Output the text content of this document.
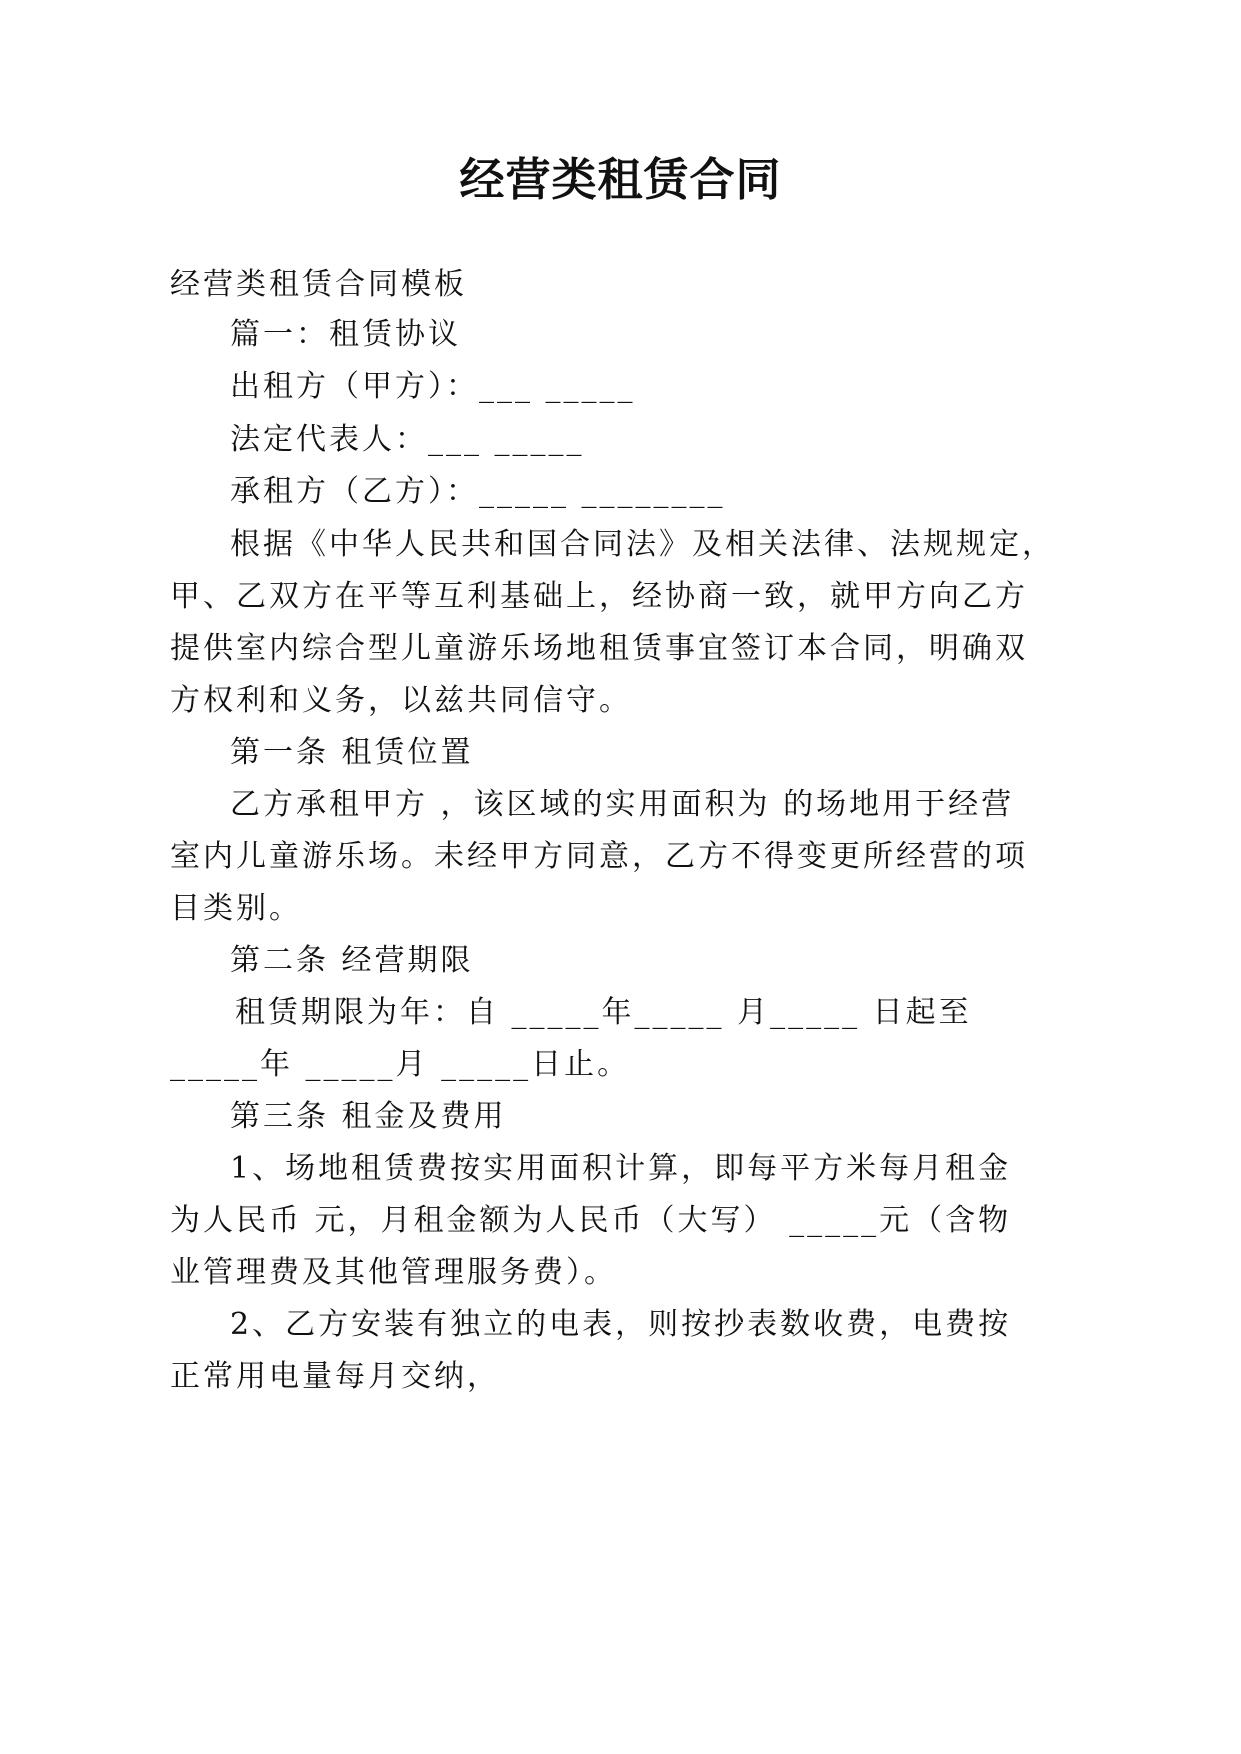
经营类租赁合同
经营类租赁合同模板
篇一：租赁协议
出租方（甲方）：___ _____
法定代表人：___ _____
承租方（乙方）：_____ ________
根据《中华人民共和国合同法》及相关法律、法规规定，
甲、乙双方在平等互利基础上，经协商一致，就甲方向乙方
提供室内综合型儿童游乐场地租赁事宜签订本合同，明确双
方权利和义务，以兹共同信守。
第一条 租赁位置
乙方承租甲方 ，该区域的实用面积为 的场地用于经营
室内儿童游乐场。未经甲方同意，乙方不得变更所经营的项
目类别。
第二条 经营期限
租赁期限为年：自 _____年_____ 月_____ 日起至
_____年 _____月 _____日止。
第三条 租金及费用
1、场地租赁费按实用面积计算，即每平方米每月租金
为人民币 元，月租金额为人民币（大写） _____元（含物
业管理费及其他管理服务费）。
2、乙方安装有独立的电表，则按抄表数收费，电费按
正常用电量每月交纳，
